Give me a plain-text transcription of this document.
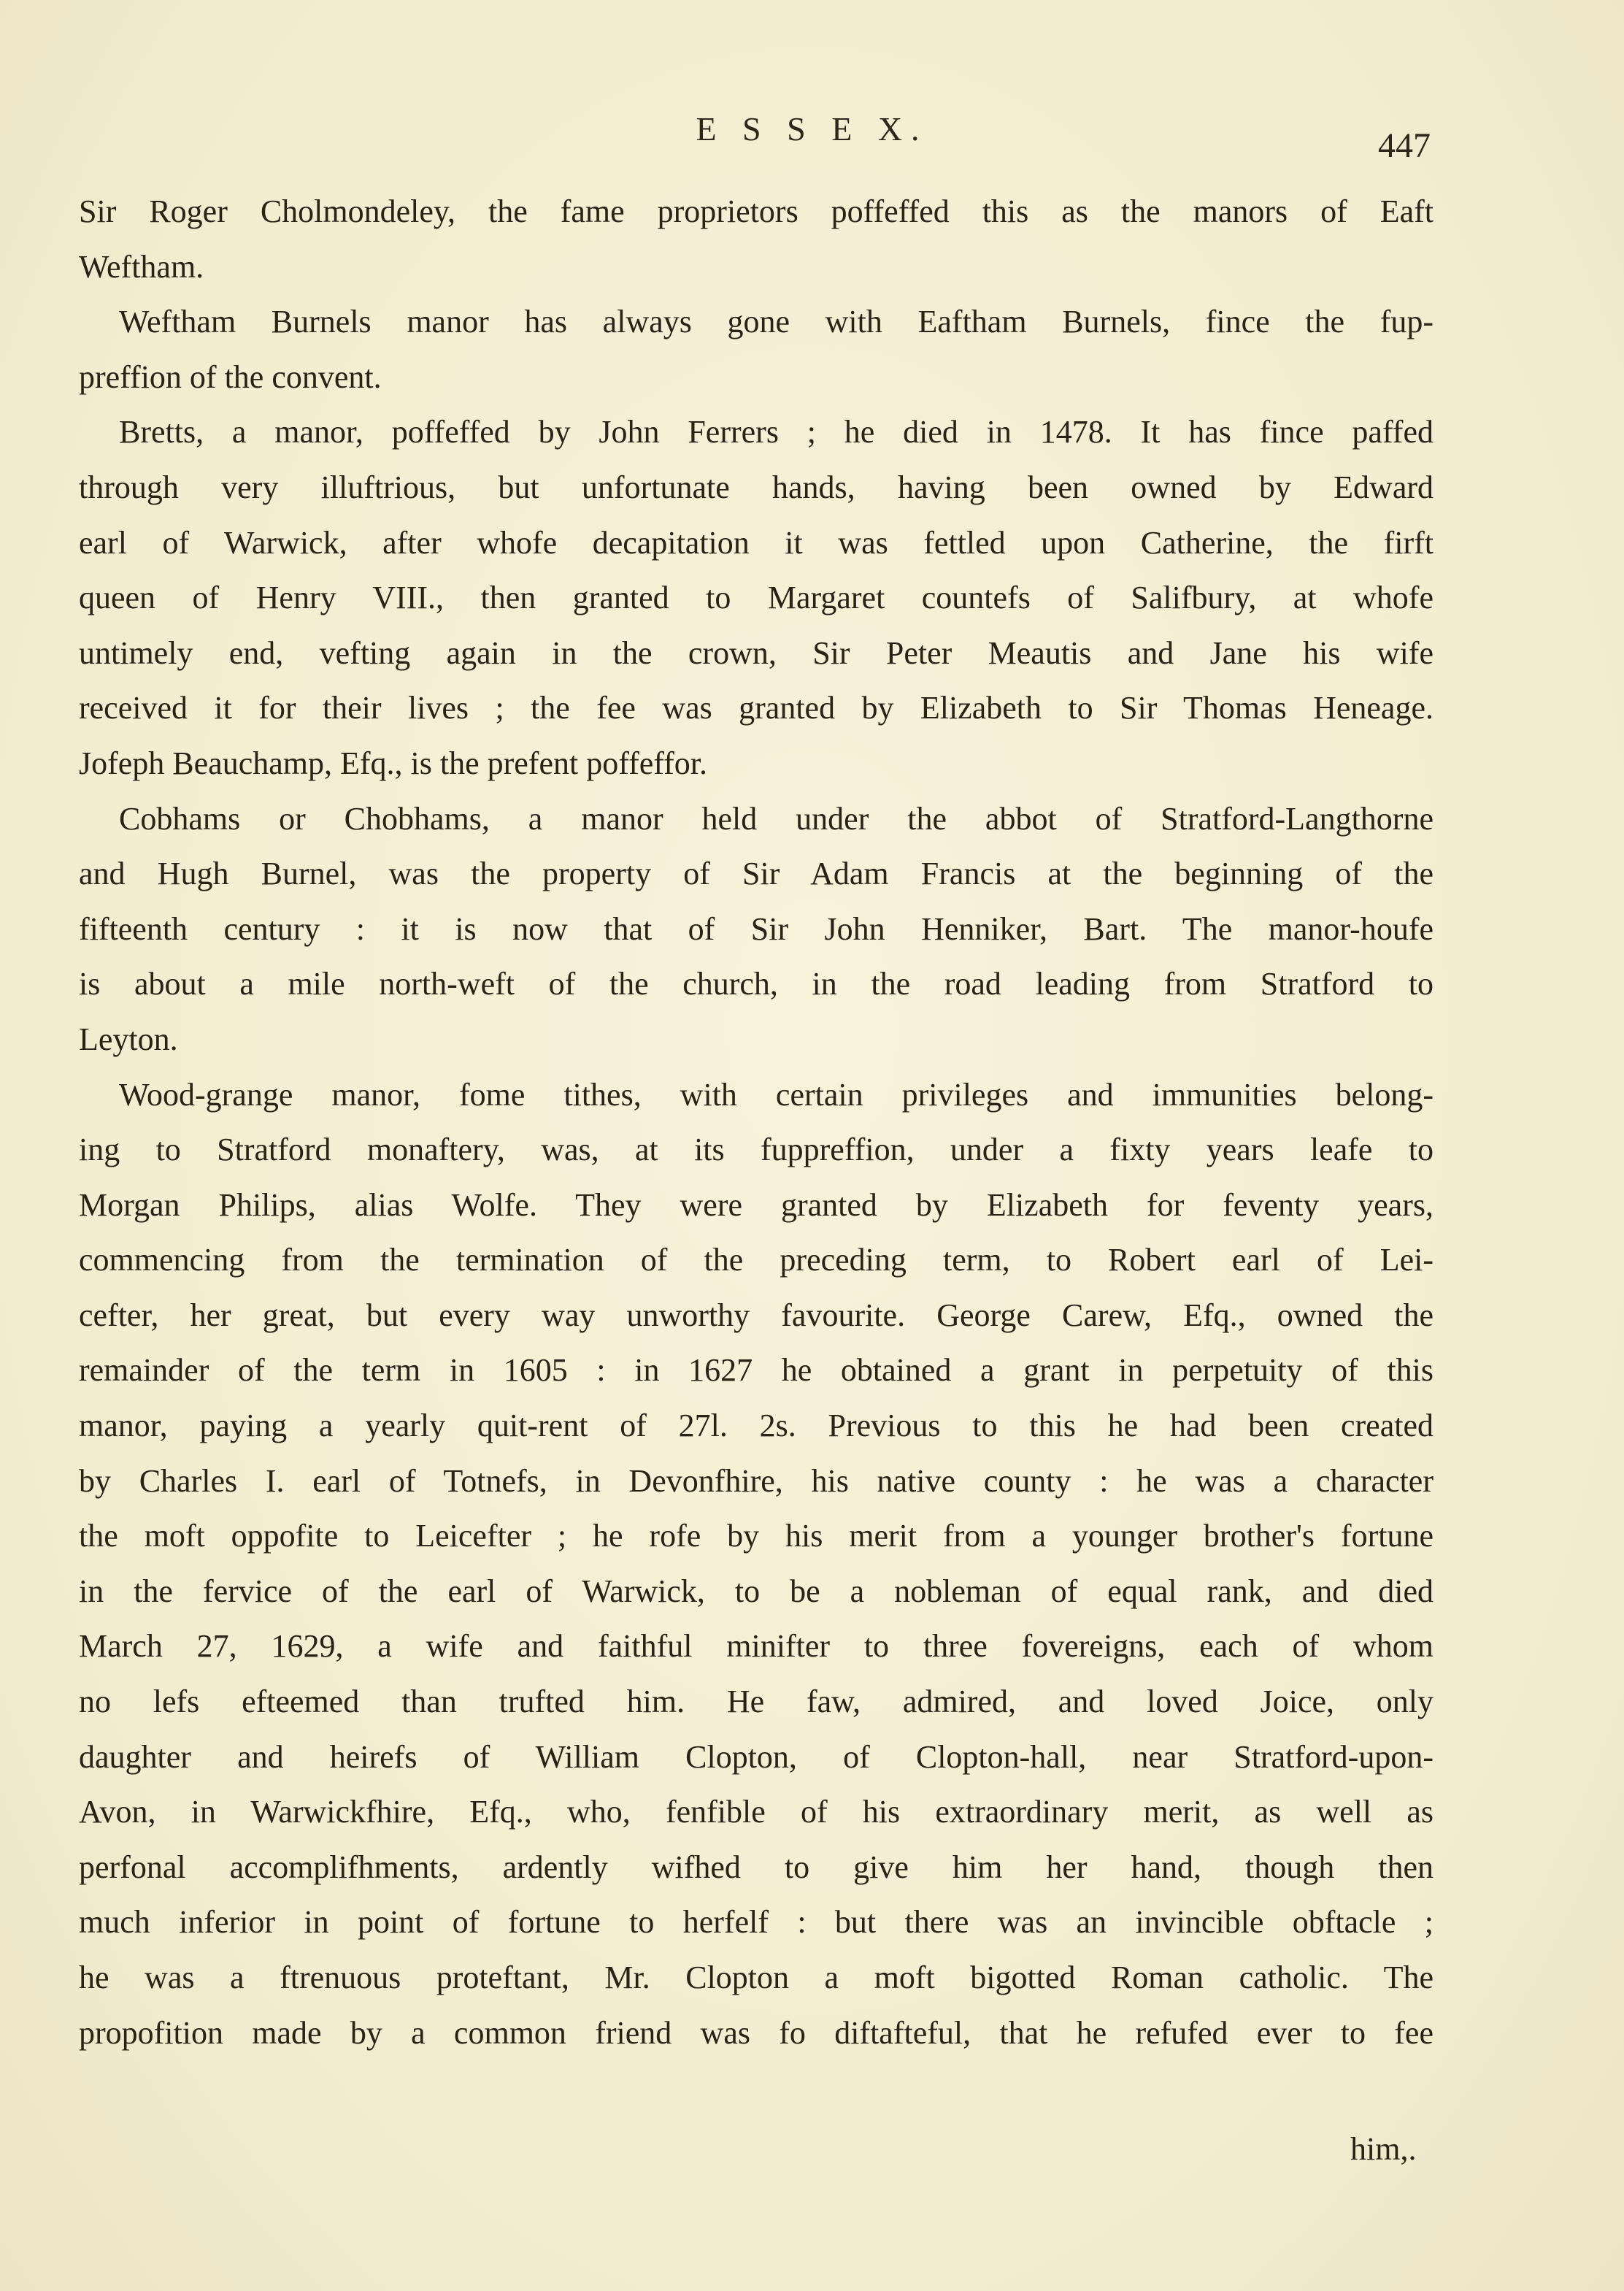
E S S E X.	447
Sir Roger Cholmondeley, the fame proprietors poffeffed this as the manors of Eaft
Weftham.
Weftham Burnels manor has always gone with Eaftham Burnels, fince the fup-
preffion of the convent.
Bretts, a manor, poffeffed by John Ferrers ; he died in 1478. It has fince paffed
through very illuftrious, but unfortunate hands, having been owned by Edward
earl of Warwick, after whofe decapitation it was fettled upon Catherine, the firft
queen of Henry VIII., then granted to Margaret countefs of Salifbury, at whofe
untimely end, vefting again in the crown, Sir Peter Meautis and Jane his wife
received it for their lives ; the fee was granted by Elizabeth to Sir Thomas Heneage.
Jofeph Beauchamp, Efq., is the prefent poffeffor.
Cobhams or Chobhams, a manor held under the abbot of Stratford-Langthorne
and Hugh Burnel, was the property of Sir Adam Francis at the beginning of the
fifteenth century : it is now that of Sir John Henniker, Bart. The manor-houfe
is about a mile north-weft of the church, in the road leading from Stratford to
Leyton.
Wood-grange manor, fome tithes, with certain privileges and immunities belong-
ing to Stratford monaftery, was, at its fuppreffion, under a fixty years leafe to
Morgan Philips, alias Wolfe. They were granted by Elizabeth for feventy years,
commencing from the termination of the preceding term, to Robert earl of Lei-
cefter, her great, but every way unworthy favourite. George Carew, Efq., owned the
remainder of the term in 1605 : in 1627 he obtained a grant in perpetuity of this
manor, paying a yearly quit-rent of 27l. 2s. Previous to this he had been created
by Charles I. earl of Totnefs, in Devonfhire, his native county : he was a character
the moft oppofite to Leicefter ; he rofe by his merit from a younger brother's fortune
in the fervice of the earl of Warwick, to be a nobleman of equal rank, and died
March 27, 1629, a wife and faithful minifter to three fovereigns, each of whom
no lefs efteemed than trufted him. He faw, admired, and loved Joice, only
daughter and heirefs of William Clopton, of Clopton-hall, near Stratford-upon-
Avon, in Warwickfhire, Efq., who, fenfible of his extraordinary merit, as well as
perfonal accomplifhments, ardently wifhed to give him her hand, though then
much inferior in point of fortune to herfelf : but there was an invincible obftacle ;
he was a ftrenuous proteftant, Mr. Clopton a moft bigotted Roman catholic. The
propofition made by a common friend was fo diftafteful, that he refufed ever to fee
him,.
